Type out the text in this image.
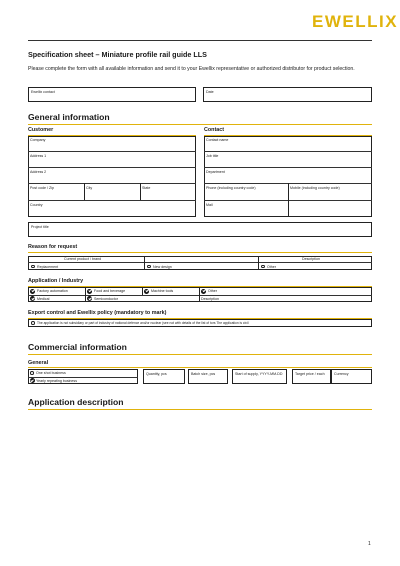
EWELLIX
Specification sheet – Miniature profile rail guide LLS
Please complete the form with all available information and send it to your Ewellix representative or authorized distributor for product selection.
Ewellix contact	Date
General information
Customer	Contact
Company
Address 1
Address 2
Post code / Zip	City	State
Country
Contact name
Job title
Department
Phone (including country code)	Mobile (including country code)
Mail
Project title
Reason for request
Current product / brand	Description
Replacement	New design	Other
Application / Industry
Factory automation	Food and beverage	Machine tools	Other
Medical	Semiconductor	Description
Export control and Ewellix policy (mandatory to mark)
The application is not subsidiary or part of industry of national defence and/or nuclear (see not with details of the list of tors The application is civil
Commercial information
General
One shot business
Yearly repeating business
Quantity, pcs	Batch size, pcs	Start of supply, YYYY-MM-DD	Target price / each	Currency
Application description
1
